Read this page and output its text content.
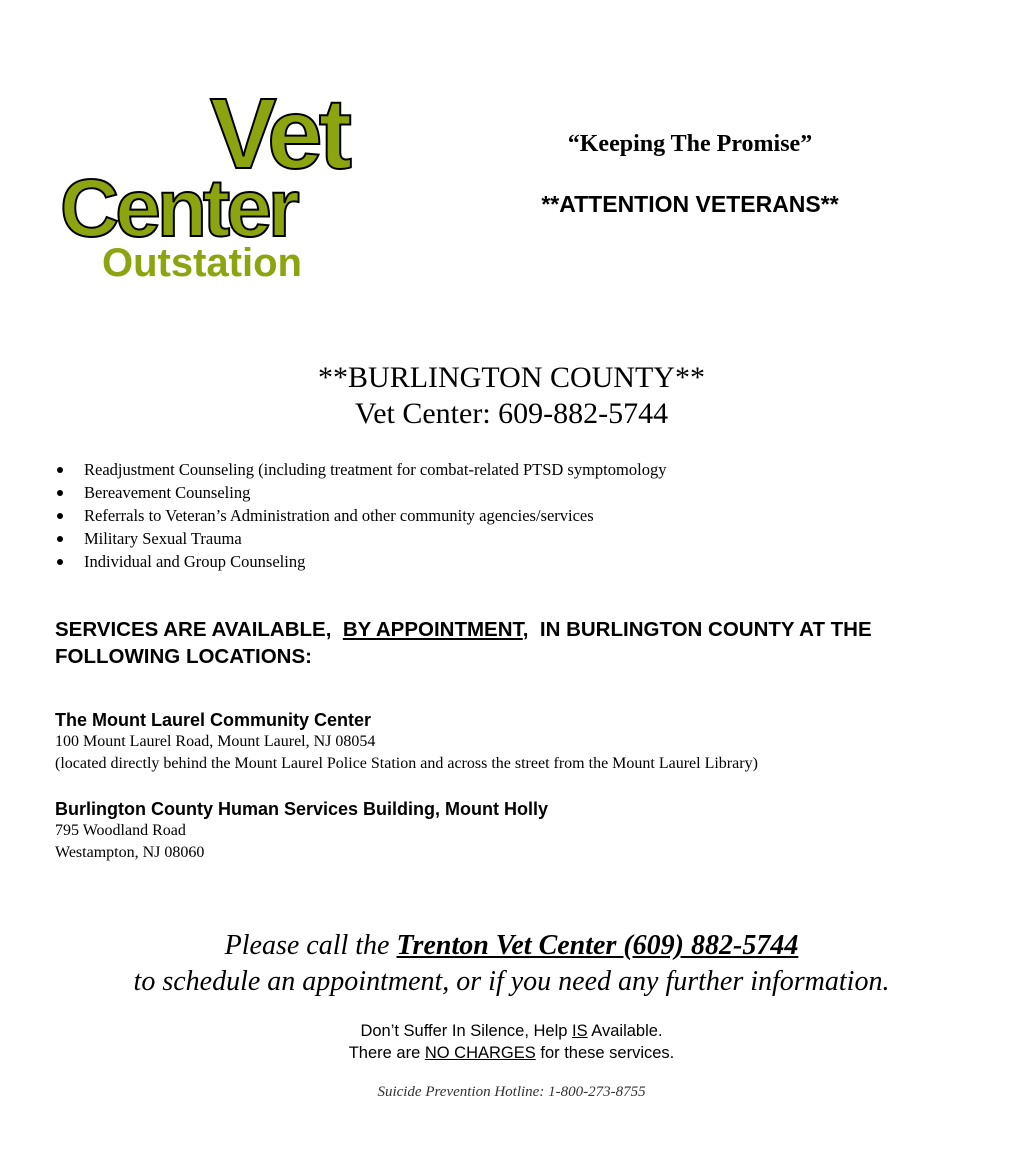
Vet
Center
Outstation
“Keeping The Promise”
**ATTENTION VETERANS**
**BURLINGTON COUNTY**
Vet Center: 609-882-5744
Readjustment Counseling (including treatment for combat-related PTSD symptomology
Bereavement Counseling
Referrals to Veteran’s Administration and other community agencies/services
Military Sexual Trauma
Individual and Group Counseling
SERVICES ARE AVAILABLE,  BY APPOINTMENT,  IN BURLINGTON COUNTY AT THE FOLLOWING LOCATIONS:
The Mount Laurel Community Center
100 Mount Laurel Road, Mount Laurel, NJ 08054
(located directly behind the Mount Laurel Police Station and across the street from the Mount Laurel Library)
Burlington County Human Services Building, Mount Holly
795 Woodland Road
Westampton, NJ 08060
Please call the Trenton Vet Center (609) 882-5744
to schedule an appointment, or if you need any further information.
Don’t Suffer In Silence, Help IS Available.
There are NO CHARGES for these services.
Suicide Prevention Hotline: 1-800-273-8755
